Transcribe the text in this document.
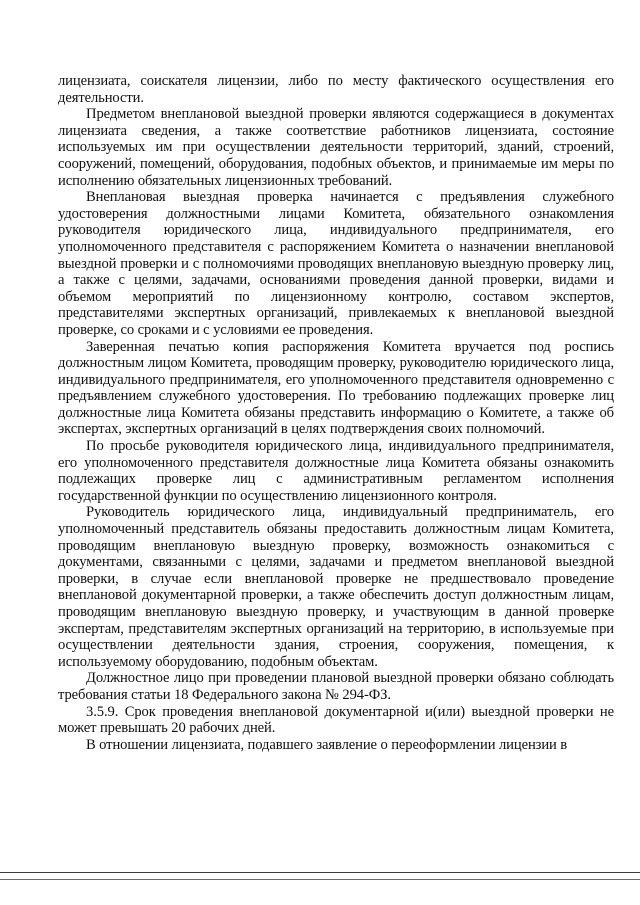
лицензиата, соискателя лицензии, либо по месту фактического осуществления его деятельности.

Предметом внеплановой выездной проверки являются содержащиеся в документах лицензиата сведения, а также соответствие работников лицензиата, состояние используемых им при осуществлении деятельности территорий, зданий, строений, сооружений, помещений, оборудования, подобных объектов, и принимаемые им меры по исполнению обязательных лицензионных требований.

Внеплановая выездная проверка начинается с предъявления служебного удостоверения должностными лицами Комитета, обязательного ознакомления руководителя юридического лица, индивидуального предпринимателя, его уполномоченного представителя с распоряжением Комитета о назначении внеплановой выездной проверки и с полномочиями проводящих внеплановую выездную проверку лиц, а также с целями, задачами, основаниями проведения данной проверки, видами и объемом мероприятий по лицензионному контролю, составом экспертов, представителями экспертных организаций, привлекаемых к внеплановой выездной проверке, со сроками и с условиями ее проведения.

Заверенная печатью копия распоряжения Комитета вручается под роспись должностным лицом Комитета, проводящим проверку, руководителю юридического лица, индивидуального предпринимателя, его уполномоченного представителя одновременно с предъявлением служебного удостоверения. По требованию подлежащих проверке лиц должностные лица Комитета обязаны представить информацию о Комитете, а также об экспертах, экспертных организаций в целях подтверждения своих полномочий.

По просьбе руководителя юридического лица, индивидуального предпринимателя, его уполномоченного представителя должностные лица Комитета обязаны ознакомить подлежащих проверке лиц с административным регламентом исполнения государственной функции по осуществлению лицензионного контроля.

Руководитель юридического лица, индивидуальный предприниматель, его уполномоченный представитель обязаны предоставить должностным лицам Комитета, проводящим внеплановую выездную проверку, возможность ознакомиться с документами, связанными с целями, задачами и предметом внеплановой выездной проверки, в случае если внеплановой проверке не предшествовало проведение внеплановой документарной проверки, а также обеспечить доступ должностным лицам, проводящим внеплановую выездную проверку, и участвующим в данной проверке экспертам, представителям экспертных организаций на территорию, в используемые при осуществлении деятельности здания, строения, сооружения, помещения, к используемому оборудованию, подобным объектам.

Должностное лицо при проведении плановой выездной проверки обязано соблюдать требования статьи 18 Федерального закона № 294-ФЗ.

3.5.9. Срок проведения внеплановой документарной и(или) выездной проверки не может превышать 20 рабочих дней.

В отношении лицензиата, подавшего заявление о переоформлении лицензии в
